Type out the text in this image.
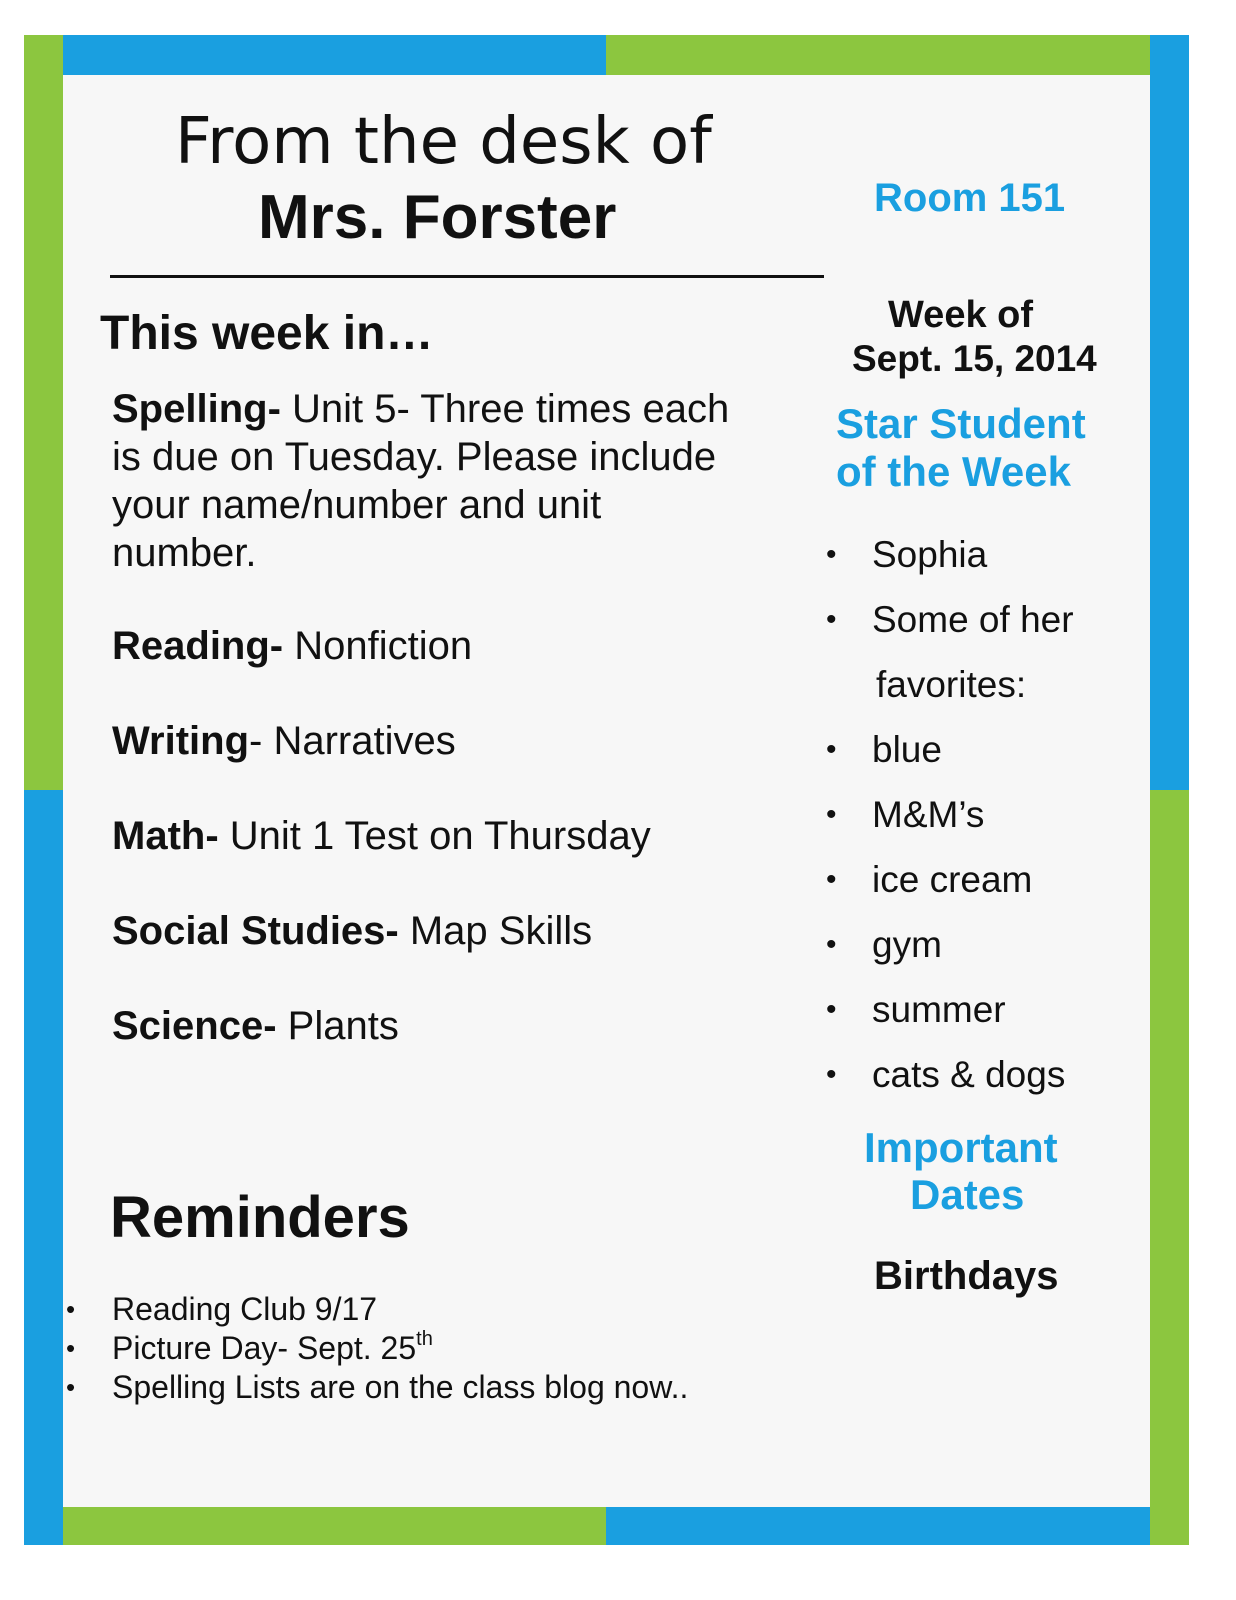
From the desk of
Mrs. Forster
This week in…
Spelling- Unit 5- Three times each is due on Tuesday. Please include your name/number and unit number.
Reading- Nonfiction
Writing- Narratives
Math- Unit 1 Test on Thursday
Social Studies- Map Skills
Science- Plants
Reminders
• Reading Club 9/17
• Picture Day- Sept. 25th
• Spelling Lists are on the class blog now..
Room 151
Week of
Sept. 15, 2014
Star Student
of the Week
• Sophia
• Some of her
favorites:
• blue
• M&M’s
• ice cream
• gym
• summer
• cats & dogs
Important
Dates
Birthdays
